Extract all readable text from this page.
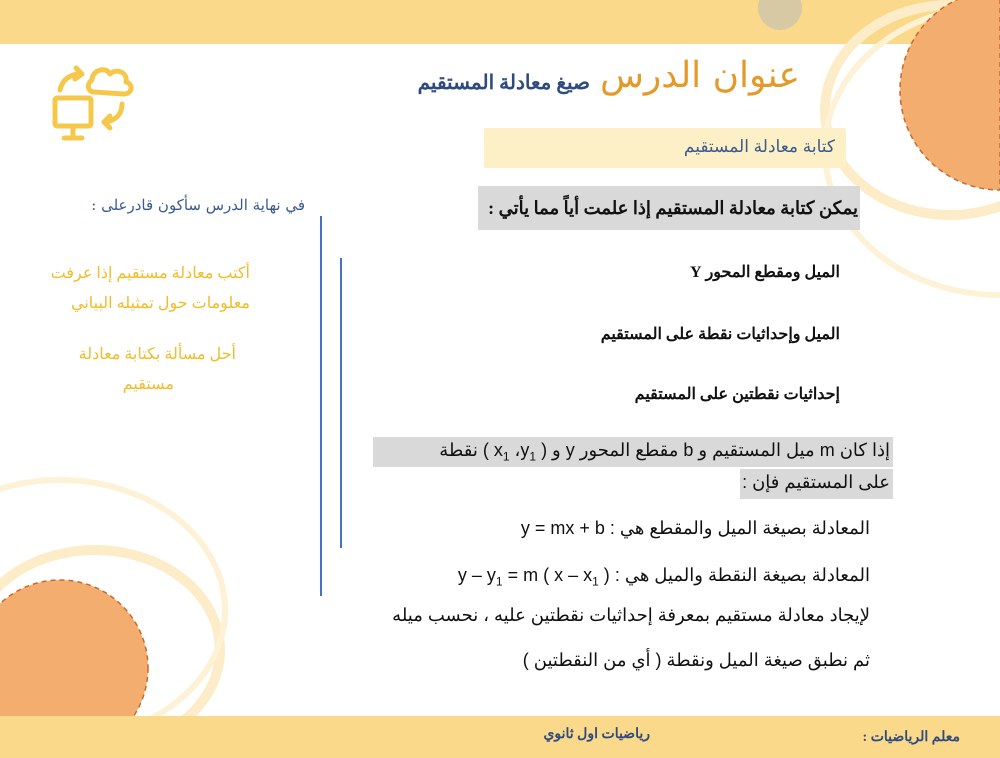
عنوان الدرس
صيغ معادلة المستقيم
كتابة معادلة المستقيم
في نهاية الدرس سأكون قادرعلى :
أكتب معادلة مستقيم إذا عرفت
معلومات حول تمثيله البياني
أحل مسألة بكتابة معادلة
مستقيم
يمكن كتابة معادلة المستقيم إذا علمت أياً مما يأتي :
الميل ومقطع المحور Y
الميل وإحداثيات نقطة على المستقيم
إحداثيات نقطتين على المستقيم
إذا كان m ميل المستقيم و b مقطع المحور y و ( $x_1$ $،y_1$ ) نقطة
على المستقيم فإن :
المعادلة بصيغة الميل والمقطع هي : y = mx + b
المعادلة بصيغة النقطة والميل هي : $y - y_1 = m$ ( x – $x_1$ )
لإيجاد معادلة مستقيم بمعرفة إحداثيات نقطتين عليه ، نحسب ميله
ثم نطبق صيغة الميل ونقطة ( أي من النقطتين )
معلم الرياضيات :
رياضيات اول ثانوي
